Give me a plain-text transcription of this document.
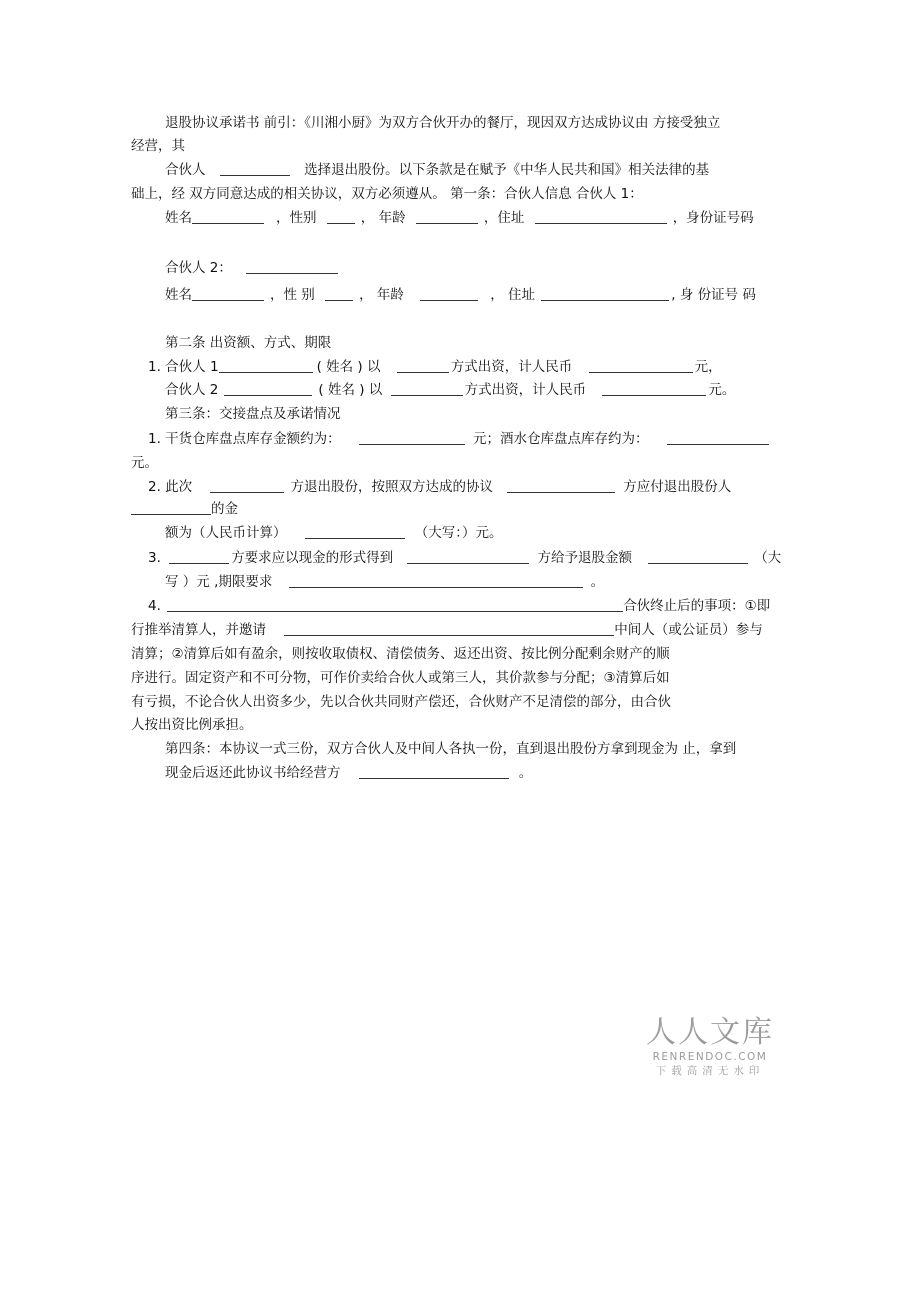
退股协议承诺书 前引：《川湘小厨》为双方合伙开办的餐厅，现因双方达成协议由 方接受独立
经营，其
合伙人	选择退出股份。以下条款是在赋予《中华人民共和国》相关法律的基
础上，经 双方同意达成的相关协议，双方必须遵从。 第一条：合伙人信息 合伙人 1：
姓名	，性别	， 年龄	，住址	，身份证号码
合伙人 2：
姓名	，性 别	， 年龄	， 住址	, 身 份证号 码
第二条 出资额、方式、期限
1. 合伙人 1	( 姓名 ) 以	方式出资，计人民币	元，
合伙人 2	( 姓名 ) 以	方式出资，计人民币	元。
第三条：交接盘点及承诺情况
1. 干货仓库盘点库存金额约为：	元；酒水仓库盘点库存约为：
元。
2. 此次	方退出股份，按照双方达成的协议	方应付退出股份人
的金
额为（人民币计算）	（大写：）元。
3.	方要求应以现金的形式得到	方给予退股金额	（大
写 ）元 ,期限要求	。
4.	合伙终止后的事项：①即
行推举清算人，并邀请	中间人（或公证员）参与
清算；②清算后如有盈余，则按收取债权、清偿债务、返还出资、按比例分配剩余财产的顺
序进行。固定资产和不可分物，可作价卖给合伙人或第三人，其价款参与分配；③清算后如
有亏损，不论合伙人出资多少，先以合伙共同财产偿还，合伙财产不足清偿的部分，由合伙
人按出资比例承担。
第四条：本协议一式三份，双方合伙人及中间人各执一份，直到退出股份方拿到现金为 止，拿到
现金后返还此协议书给经营方	。
人人文库
RENRENDOC.COM
下载高清无水印
